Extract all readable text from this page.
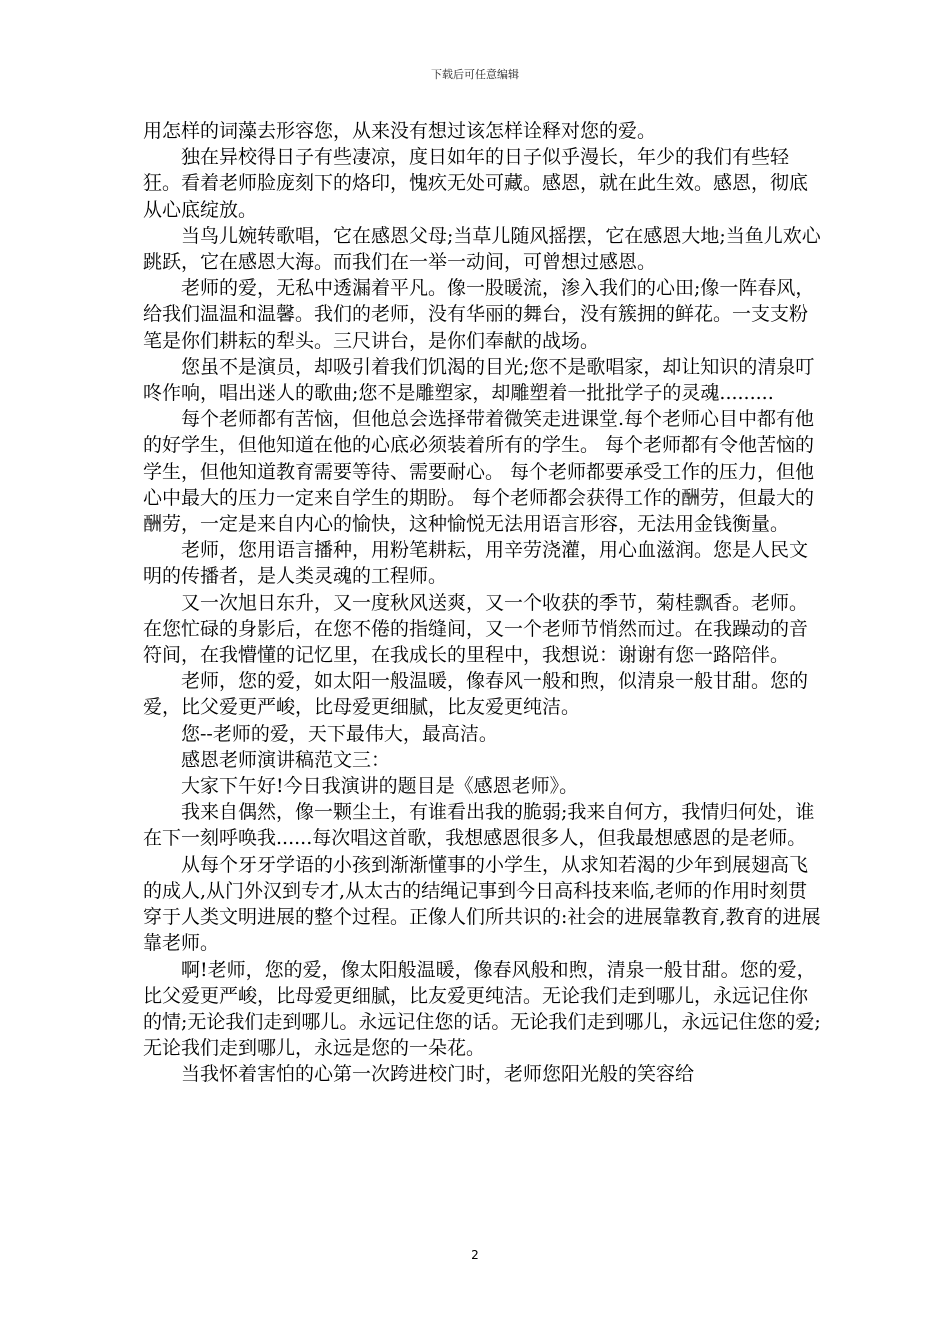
下载后可任意编辑

用怎样的词藻去形容您，从来没有想过该怎样诠释对您的爱。

独在异校得日子有些凄凉，度日如年的日子似乎漫长，年少的我们有些轻狂。看着老师脸庞刻下的烙印，愧疚无处可藏。感恩，就在此生效。感恩，彻底从心底绽放。

当鸟儿婉转歌唱，它在感恩父母;当草儿随风摇摆，它在感恩大地;当鱼儿欢心跳跃，它在感恩大海。而我们在一举一动间，可曾想过感恩。

老师的爱，无私中透漏着平凡。像一股暖流，渗入我们的心田;像一阵春风，给我们温温和温馨。我们的老师，没有华丽的舞台，没有簇拥的鲜花。一支支粉笔是你们耕耘的犁头。三尺讲台，是你们奉献的战场。

您虽不是演员，却吸引着我们饥渴的目光;您不是歌唱家，却让知识的清泉叮咚作响，唱出迷人的歌曲;您不是雕塑家，却雕塑着一批批学子的灵魂.........

每个老师都有苦恼，但他总会选择带着微笑走进课堂.每个老师心目中都有他的好学生，但他知道在他的心底必须装着所有的学生。 每个老师都有令他苦恼的学生，但他知道教育需要等待、需要耐心。 每个老师都要承受工作的压力，但他心中最大的压力一定来自学生的期盼。 每个老师都会获得工作的酬劳，但最大的酬劳，一定是来自内心的愉快，这种愉悦无法用语言形容，无法用金钱衡量。

老师，您用语言播种，用粉笔耕耘，用辛劳浇灌，用心血滋润。您是人民文明的传播者，是人类灵魂的工程师。

又一次旭日东升，又一度秋风送爽，又一个收获的季节，菊桂飘香。老师。在您忙碌的身影后，在您不倦的指缝间，又一个老师节悄然而过。在我躁动的音符间，在我懵懂的记忆里，在我成长的里程中，我想说：谢谢有您一路陪伴。

老师，您的爱，如太阳一般温暖，像春风一般和煦，似清泉一般甘甜。您的爱，比父爱更严峻，比母爱更细腻，比友爱更纯洁。

您--老师的爱，天下最伟大，最高洁。

感恩老师演讲稿范文三：

大家下午好!今日我演讲的题目是《感恩老师》。

我来自偶然，像一颗尘土，有谁看出我的脆弱;我来自何方，我情归何处，谁在下一刻呼唤我......每次唱这首歌，我想感恩很多人，但我最想感恩的是老师。

从每个牙牙学语的小孩到渐渐懂事的小学生，从求知若渴的少年到展翅高飞的成人,从门外汉到专才,从太古的结绳记事到今日高科技来临,老师的作用时刻贯穿于人类文明进展的整个过程。正像人们所共识的:社会的进展靠教育,教育的进展靠老师。

啊!老师，您的爱，像太阳般温暖，像春风般和煦，清泉一般甘甜。您的爱，比父爱更严峻，比母爱更细腻，比友爱更纯洁。无论我们走到哪儿，永远记住你的情;无论我们走到哪儿。永远记住您的话。无论我们走到哪儿，永远记住您的爱;无论我们走到哪儿，永远是您的一朵花。

当我怀着害怕的心第一次跨进校门时，老师您阳光般的笑容给

2
